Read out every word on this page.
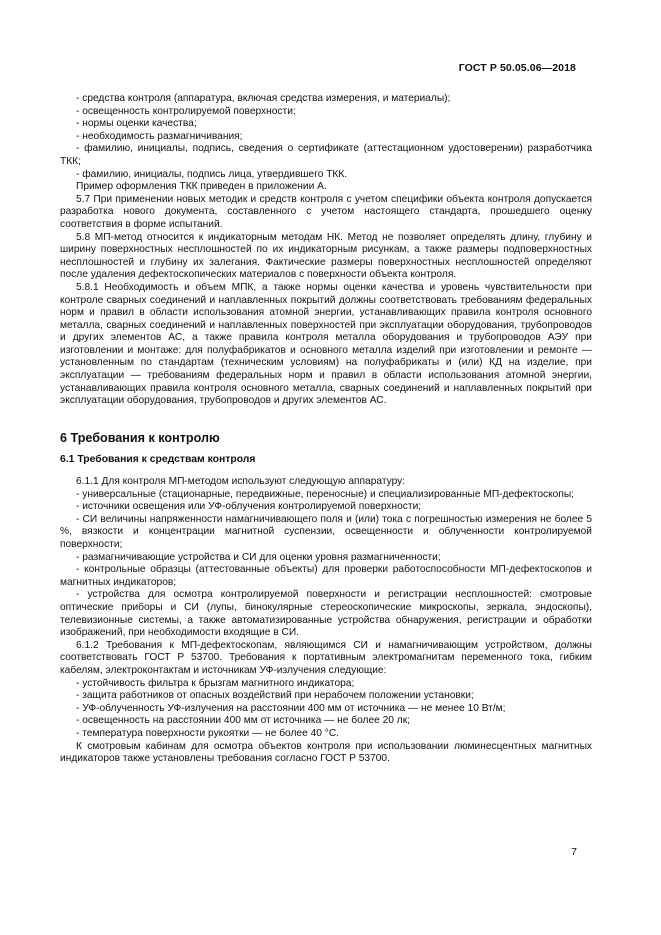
ГОСТ Р 50.05.06—2018

- средства контроля (аппаратура, включая средства измерения, и материалы);

- освещенность контролируемой поверхности;

- нормы оценки качества;

- необходимость размагничивания;

- фамилию, инициалы, подпись, сведения о сертификате (аттестационном удостоверении) разработчика ТКК;

- фамилию, инициалы, подпись лица, утвердившего ТКК.

Пример оформления ТКК приведен в приложении А.

5.7 При применении новых методик и средств контроля с учетом специфики объекта контроля допускается разработка нового документа, составленного с учетом настоящего стандарта, прошедшего оценку соответствия в форме испытаний.

5.8 МП-метод относится к индикаторным методам НК. Метод не позволяет определять длину, глубину и ширину поверхностных несплошностей по их индикаторным рисункам, а также размеры подповерхностных несплошностей и глубину их залегания. Фактические размеры поверхностных несплошностей определяют после удаления дефектоскопических материалов с поверхности объекта контроля.

5.8.1 Необходимость и объем МПК, а также нормы оценки качества и уровень чувствительности при контроле сварных соединений и наплавленных покрытий должны соответствовать требованиям федеральных норм и правил в области использования атомной энергии, устанавливающих правила контроля основного металла, сварных соединений и наплавленных поверхностей при эксплуатации оборудования, трубопроводов и других элементов АС, а также правила контроля металла оборудования и трубопроводов АЭУ при изготовлении и монтаже: для полуфабрикатов и основного металла изделий при изготовлении и ремонте — установленным по стандартам (техническим условиям) на полуфабрикаты и (или) КД на изделие, при эксплуатации — требованиям федеральных норм и правил в области использования атомной энергии, устанавливающих правила контроля основного металла, сварных соединений и наплавленных покрытий при эксплуатации оборудования, трубопроводов и других элементов АС.

6 Требования к контролю

6.1 Требования к средствам контроля

6.1.1 Для контроля МП-методом используют следующую аппаратуру:

- универсальные (стационарные, передвижные, переносные) и специализированные МП-дефектоскопы;

- источники освещения или УФ-облучения контролируемой поверхности;

- СИ величины напряженности намагничивающего поля и (или) тока с погрешностью измерения не более 5 %, вязкости и концентрации магнитной суспензии, освещенности и облученности контролируемой поверхности;

- размагничивающие устройства и СИ для оценки уровня размагниченности;

- контрольные образцы (аттестованные объекты) для проверки работоспособности МП-дефектоскопов и магнитных индикаторов;

- устройства для осмотра контролируемой поверхности и регистрации несплошностей: смотровые оптические приборы и СИ (лупы, бинокулярные стереоскопические микроскопы, зеркала, эндоскопы), телевизионные системы, а также автоматизированные устройства обнаружения, регистрации и обработки изображений, при необходимости входящие в СИ.

6.1.2 Требования к МП-дефектоскопам, являющимся СИ и намагничивающим устройством, должны соответствовать ГОСТ Р 53700. Требования к портативным электромагнитам переменного тока, гибким кабелям, электроконтактам и источникам УФ-излучения следующие:

- устойчивость фильтра к брызгам магнитного индикатора;

- защита работников от опасных воздействий при нерабочем положении установки;

- УФ-облученность УФ-излучения на расстоянии 400 мм от источника — не менее 10 Вт/м;

- освещенность на расстоянии 400 мм от источника — не более 20 лк;

- температура поверхности рукоятки — не более 40 °С.

К смотровым кабинам для осмотра объектов контроля при использовании люминесцентных магнитных индикаторов также установлены требования согласно ГОСТ Р 53700.

7
